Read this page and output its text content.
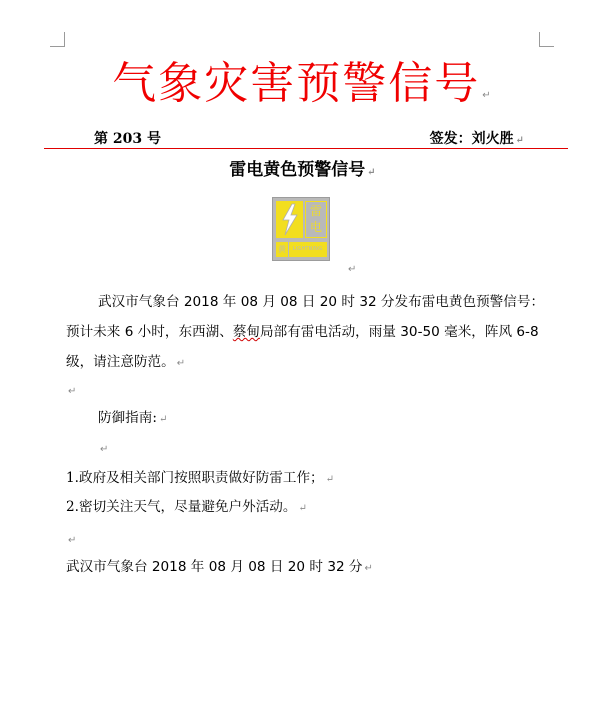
气象灾害预警信号 ↵
第 203 号	签发：刘火胜 ↵
雷电黄色预警信号 ↵
雷电
黄	LIGHTNING
↵
武汉市气象台 2018 年 08 月 08 日 20 时 32 分发布雷电黄色预警信号：预计未来 6 小时，东西湖、蔡甸局部有雷电活动，雨量 30-50 毫米，阵风 6-8 级，请注意防范。 ↵
↵
防御指南: ↵
↵
1.政府及相关部门按照职责做好防雷工作； ↵
2.密切关注天气，尽量避免户外活动。 ↵
↵
武汉市气象台 2018 年 08 月 08 日 20 时 32 分 ↵
